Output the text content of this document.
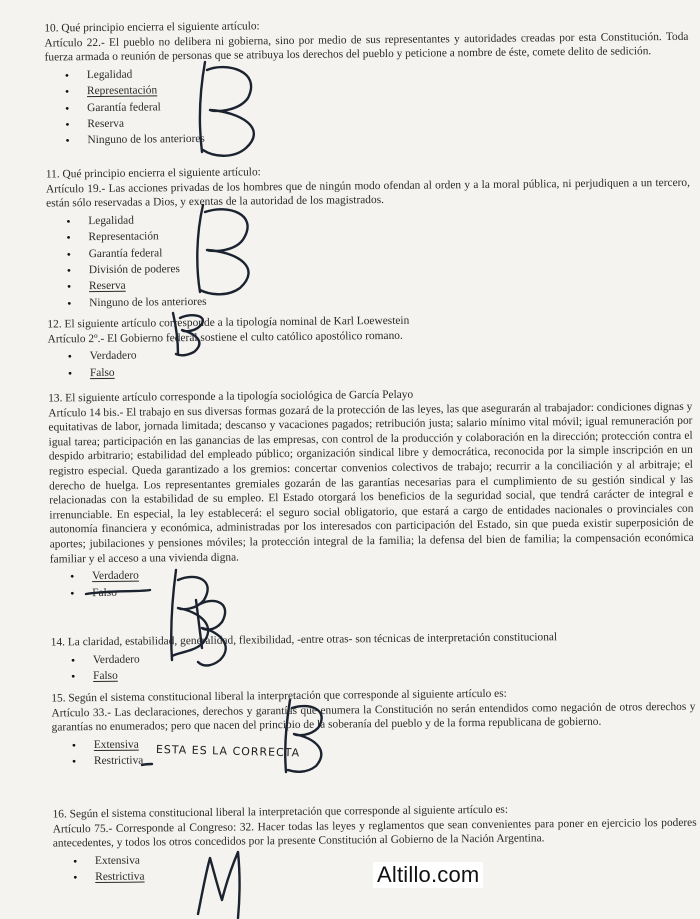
10. Qué principio encierra el siguiente artículo:

Artículo 22.- El pueblo no delibera ni gobierna, sino por medio de sus representantes y autoridades creadas por esta Constitución. Toda fuerza armada o reunión de personas que se atribuya los derechos del pueblo y peticione a nombre de éste, comete delito de sedición.

• Legalidad
• Representación
• Garantía federal
• Reserva
• Ninguno de los anteriores

11. Qué principio encierra el siguiente artículo:

Artículo 19.- Las acciones privadas de los hombres que de ningún modo ofendan al orden y a la moral pública, ni perjudiquen a un tercero, están sólo reservadas a Dios, y exentas de la autoridad de los magistrados.

• Legalidad
• Representación
• Garantía federal
• División de poderes
• Reserva
• Ninguno de los anteriores

12. El siguiente artículo corresponde a la tipología nominal de Karl Loewestein

Artículo 2º.- El Gobierno federal sostiene el culto católico apostólico romano.

• Verdadero
• Falso

13. El siguiente artículo corresponde a la tipología sociológica de García Pelayo

Artículo 14 bis.- El trabajo en sus diversas formas gozará de la protección de las leyes, las que asegurarán al trabajador: condiciones dignas y equitativas de labor, jornada limitada; descanso y vacaciones pagados; retribución justa; salario mínimo vital móvil; igual remuneración por igual tarea; participación en las ganancias de las empresas, con control de la producción y colaboración en la dirección; protección contra el despido arbitrario; estabilidad del empleado público; organización sindical libre y democrática, reconocida por la simple inscripción en un registro especial. Queda garantizado a los gremios: concertar convenios colectivos de trabajo; recurrir a la conciliación y al arbitraje; el derecho de huelga. Los representantes gremiales gozarán de las garantías necesarias para el cumplimiento de su gestión sindical y las relacionadas con la estabilidad de su empleo. El Estado otorgará los beneficios de la seguridad social, que tendrá carácter de integral e irrenunciable. En especial, la ley establecerá: el seguro social obligatorio, que estará a cargo de entidades nacionales o provinciales con autonomía financiera y económica, administradas por los interesados con participación del Estado, sin que pueda existir superposición de aportes; jubilaciones y pensiones móviles; la protección integral de la familia; la defensa del bien de familia; la compensación económica familiar y el acceso a una vivienda digna.

• Verdadero
• Falso

14. La claridad, estabilidad, generalidad, flexibilidad, -entre otras- son técnicas de interpretación constitucional

• Verdadero
• Falso

15. Según el sistema constitucional liberal la interpretación que corresponde al siguiente artículo es:

Artículo 33.- Las declaraciones, derechos y garantías que enumera la Constitución no serán entendidos como negación de otros derechos y garantías no enumerados; pero que nacen del principio de la soberanía del pueblo y de la forma republicana de gobierno.

• Extensiva
• Restrictiva

16. Según el sistema constitucional liberal la interpretación que corresponde al siguiente artículo es:

Artículo 75.- Corresponde al Congreso: 32. Hacer todas las leyes y reglamentos que sean convenientes para poner en ejercicio los poderes antecedentes, y todos los otros concedidos por la presente Constitución al Gobierno de la Nación Argentina.

• Extensiva
• Restrictiva
ESTA ES LA CORRECTA
Altillo.com
